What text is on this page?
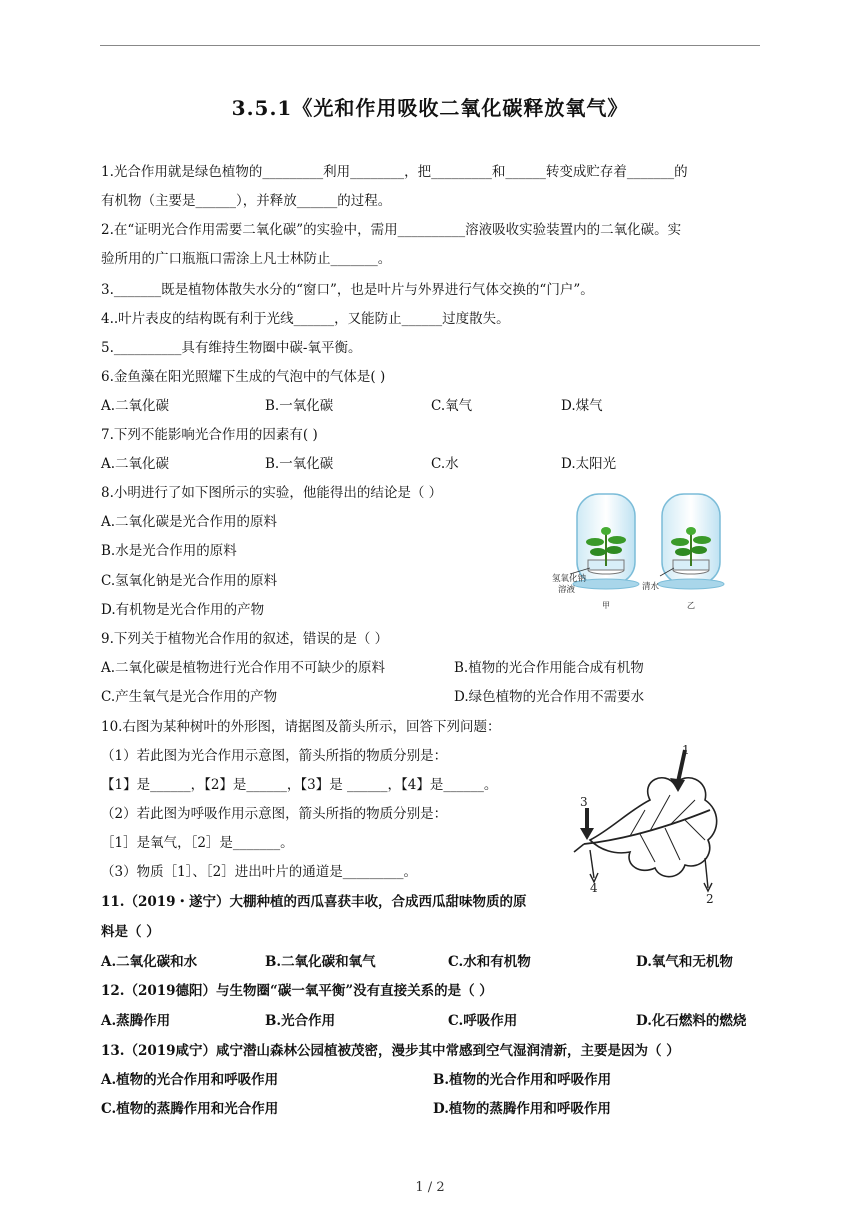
3.5.1《光和作用吸收二氧化碳释放氧气》
1.光合作用就是绿色植物的_________利用________，把_________和______转变成贮存着_______的
有机物（主要是______），并释放______的过程。
2.在“证明光合作用需要二氧化碳”的实验中，需用__________溶液吸收实验装置内的二氧化碳。实
验所用的广口瓶瓶口需涂上凡士林防止_______。
3._______既是植物体散失水分的“窗口”，也是叶片与外界进行气体交换的“门户”。
4..叶片表皮的结构既有利于光线______，又能防止______过度散失。
5.__________具有维持生物圈中碳-氧平衡。
6.金鱼藻在阳光照耀下生成的气泡中的气体是( )
A.二氧化碳	B.一氧化碳	C.氧气	D.煤气
7.下列不能影响光合作用的因素有( )
A.二氧化碳	B.一氧化碳	C.水	D.太阳光
8.小明进行了如下图所示的实验，他能得出的结论是（ ）
A.二氧化碳是光合作用的原料
B.水是光合作用的原料
C.氢氧化钠是光合作用的原料
D.有机物是光合作用的产物
氢氧化钠
溶液	清水
甲	乙
9.下列关于植物光合作用的叙述，错误的是（ ）
A.二氧化碳是植物进行光合作用不可缺少的原料	B.植物的光合作用能合成有机物
C.产生氧气是光合作用的产物	D.绿色植物的光合作用不需要水
10.右图为某种树叶的外形图，请据图及箭头所示，回答下列问题：
（1）若此图为光合作用示意图，箭头所指的物质分别是：
【1】是______，【2】是______，【3】是 ______，【4】是______。
（2）若此图为呼吸作用示意图，箭头所指的物质分别是：
［1］是氧气，［2］是_______。
（3）物质［1］、［2］进出叶片的通道是_________。
1
2
3
4
11.（2019・遂宁）大棚种植的西瓜喜获丰收，合成西瓜甜味物质的原
料是（ ）
A.二氧化碳和水	B.二氧化碳和氧气	C.水和有机物	D.氧气和无机物
12.（2019德阳）与生物圈“碳一氧平衡”没有直接关系的是（ ）
A.蒸腾作用	B.光合作用	C.呼吸作用	D.化石燃料的燃烧
13.（2019咸宁）咸宁潜山森林公园植被茂密，漫步其中常感到空气湿润清新，主要是因为（ ）
A.植物的光合作用和呼吸作用	B.植物的光合作用和呼吸作用
C.植物的蒸腾作用和光合作用	D.植物的蒸腾作用和呼吸作用
1 / 2
